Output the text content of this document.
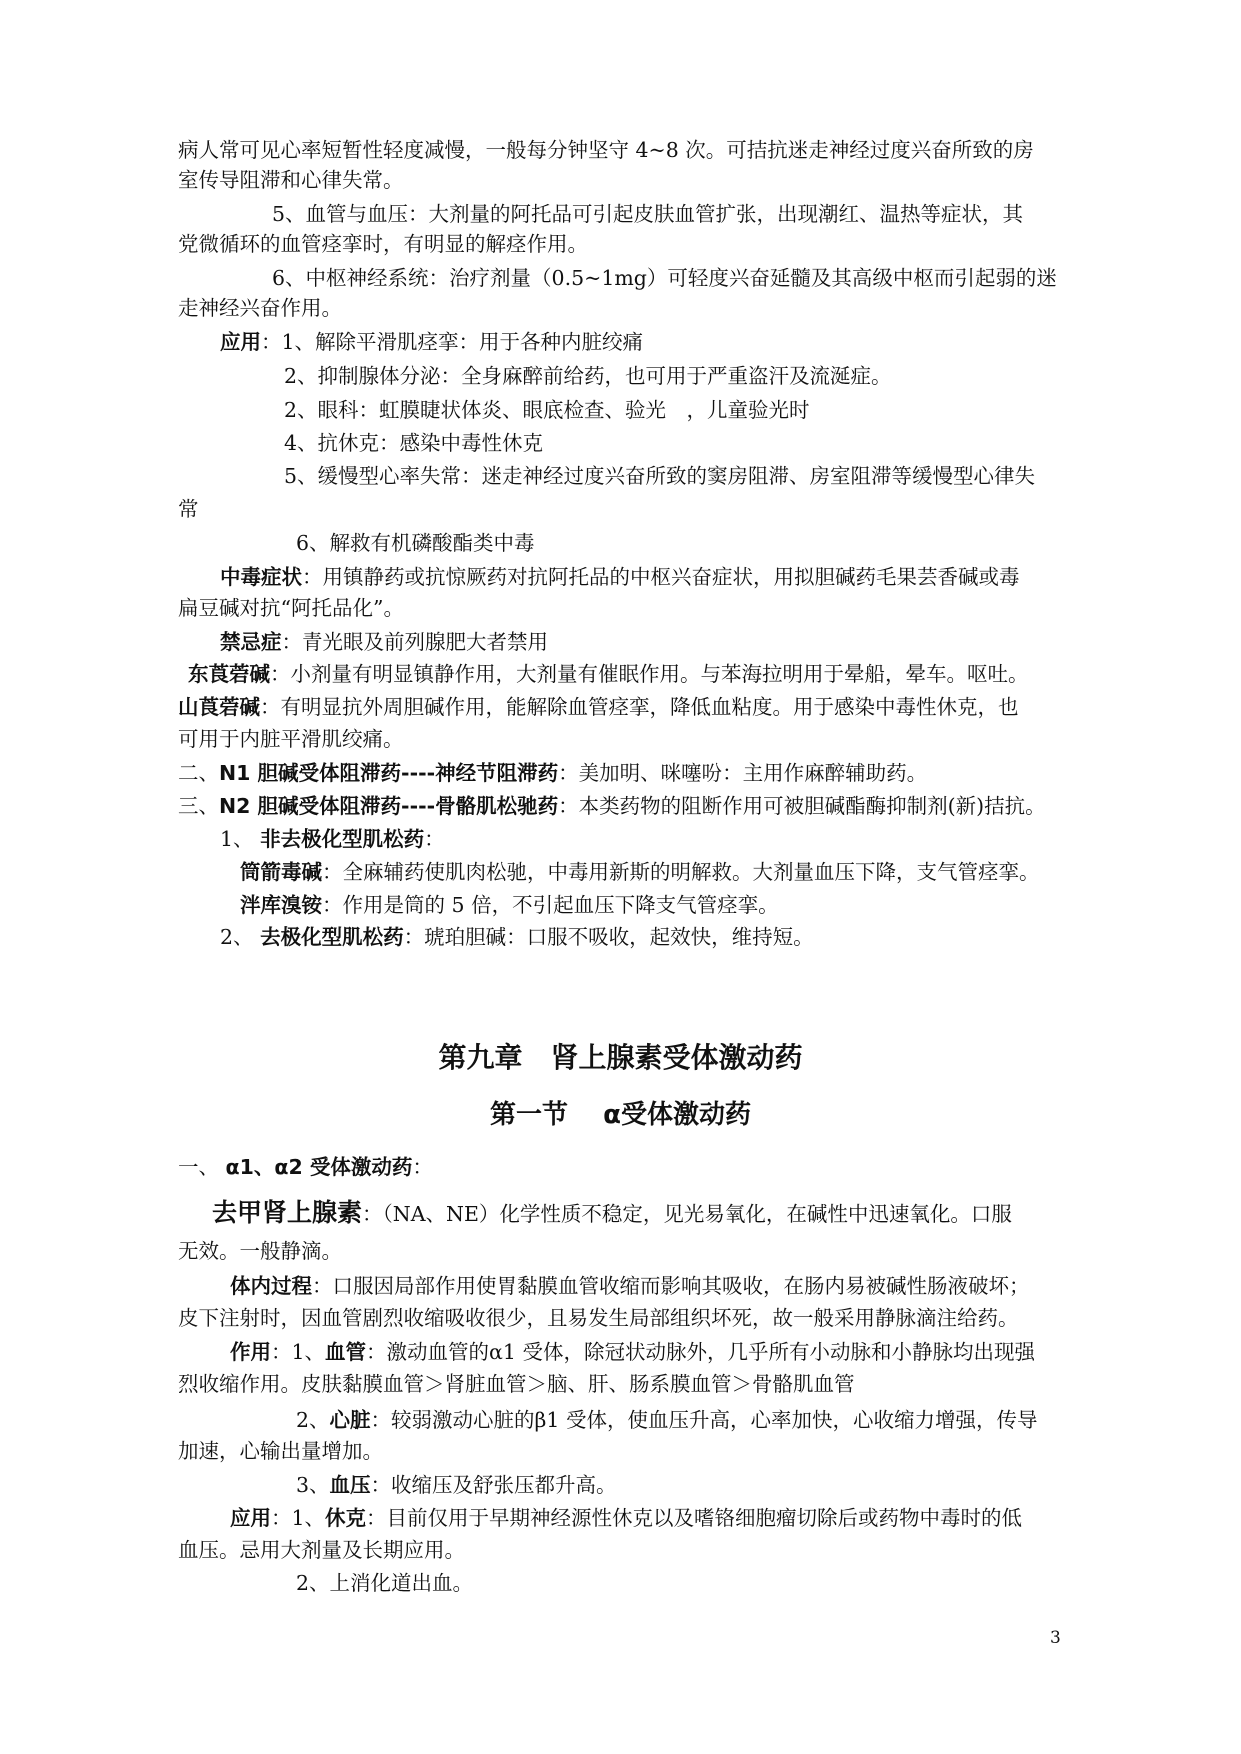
病人常可见心率短暂性轻度减慢，一般每分钟坚守 4~8 次。可拮抗迷走神经过度兴奋所致的房
室传导阻滞和心律失常。
5、血管与血压：大剂量的阿托品可引起皮肤血管扩张，出现潮红、温热等症状，其
党微循环的血管痉挛时，有明显的解痉作用。
6、中枢神经系统：治疗剂量（0.5~1mg）可轻度兴奋延髓及其高级中枢而引起弱的迷
走神经兴奋作用。
应用：1、解除平滑肌痉挛：用于各种内脏绞痛
2、抑制腺体分泌：全身麻醉前给药，也可用于严重盗汗及流涎症。
2、眼科：虹膜睫状体炎、眼底检查、验光　，儿童验光时
4、抗休克：感染中毒性休克
5、缓慢型心率失常：迷走神经过度兴奋所致的窦房阻滞、房室阻滞等缓慢型心律失
常
6、解救有机磷酸酯类中毒
中毒症状：用镇静药或抗惊厥药对抗阿托品的中枢兴奋症状，用拟胆碱药毛果芸香碱或毒
扁豆碱对抗“阿托品化”。
禁忌症：青光眼及前列腺肥大者禁用
东莨菪碱：小剂量有明显镇静作用，大剂量有催眠作用。与苯海拉明用于晕船，晕车。呕吐。
山莨菪碱：有明显抗外周胆碱作用，能解除血管痉挛，降低血粘度。用于感染中毒性休克，也
可用于内脏平滑肌绞痛。
二、N1 胆碱受体阻滞药----神经节阻滞药：美加明、咪噻吩：主用作麻醉辅助药。
三、N2 胆碱受体阻滞药----骨骼肌松驰药：本类药物的阻断作用可被胆碱酯酶抑制剂(新)拮抗。
1、 非去极化型肌松药：
筒箭毒碱：全麻辅药使肌肉松驰，中毒用新斯的明解救。大剂量血压下降，支气管痉挛。
泮库溴铵：作用是筒的 5 倍，不引起血压下降支气管痉挛。
2、 去极化型肌松药：琥珀胆碱：口服不吸收，起效快，维持短。
第九章　肾上腺素受体激动药
第一节　 α受体激动药
一、 α1、α2 受体激动药：
去甲肾上腺素：（NA、NE）化学性质不稳定，见光易氧化，在碱性中迅速氧化。口服
无效。一般静滴。
体内过程：口服因局部作用使胃黏膜血管收缩而影响其吸收，在肠内易被碱性肠液破坏；
皮下注射时，因血管剧烈收缩吸收很少，且易发生局部组织坏死，故一般采用静脉滴注给药。
作用：1、血管：激动血管的α1 受体，除冠状动脉外，几乎所有小动脉和小静脉均出现强
烈收缩作用。皮肤黏膜血管＞肾脏血管＞脑、肝、肠系膜血管＞骨骼肌血管
2、心脏：较弱激动心脏的β1 受体，使血压升高，心率加快，心收缩力增强，传导
加速，心输出量增加。
3、血压：收缩压及舒张压都升高。
应用：1、休克：目前仅用于早期神经源性休克以及嗜铬细胞瘤切除后或药物中毒时的低
血压。忌用大剂量及长期应用。
2、上消化道出血。
3
